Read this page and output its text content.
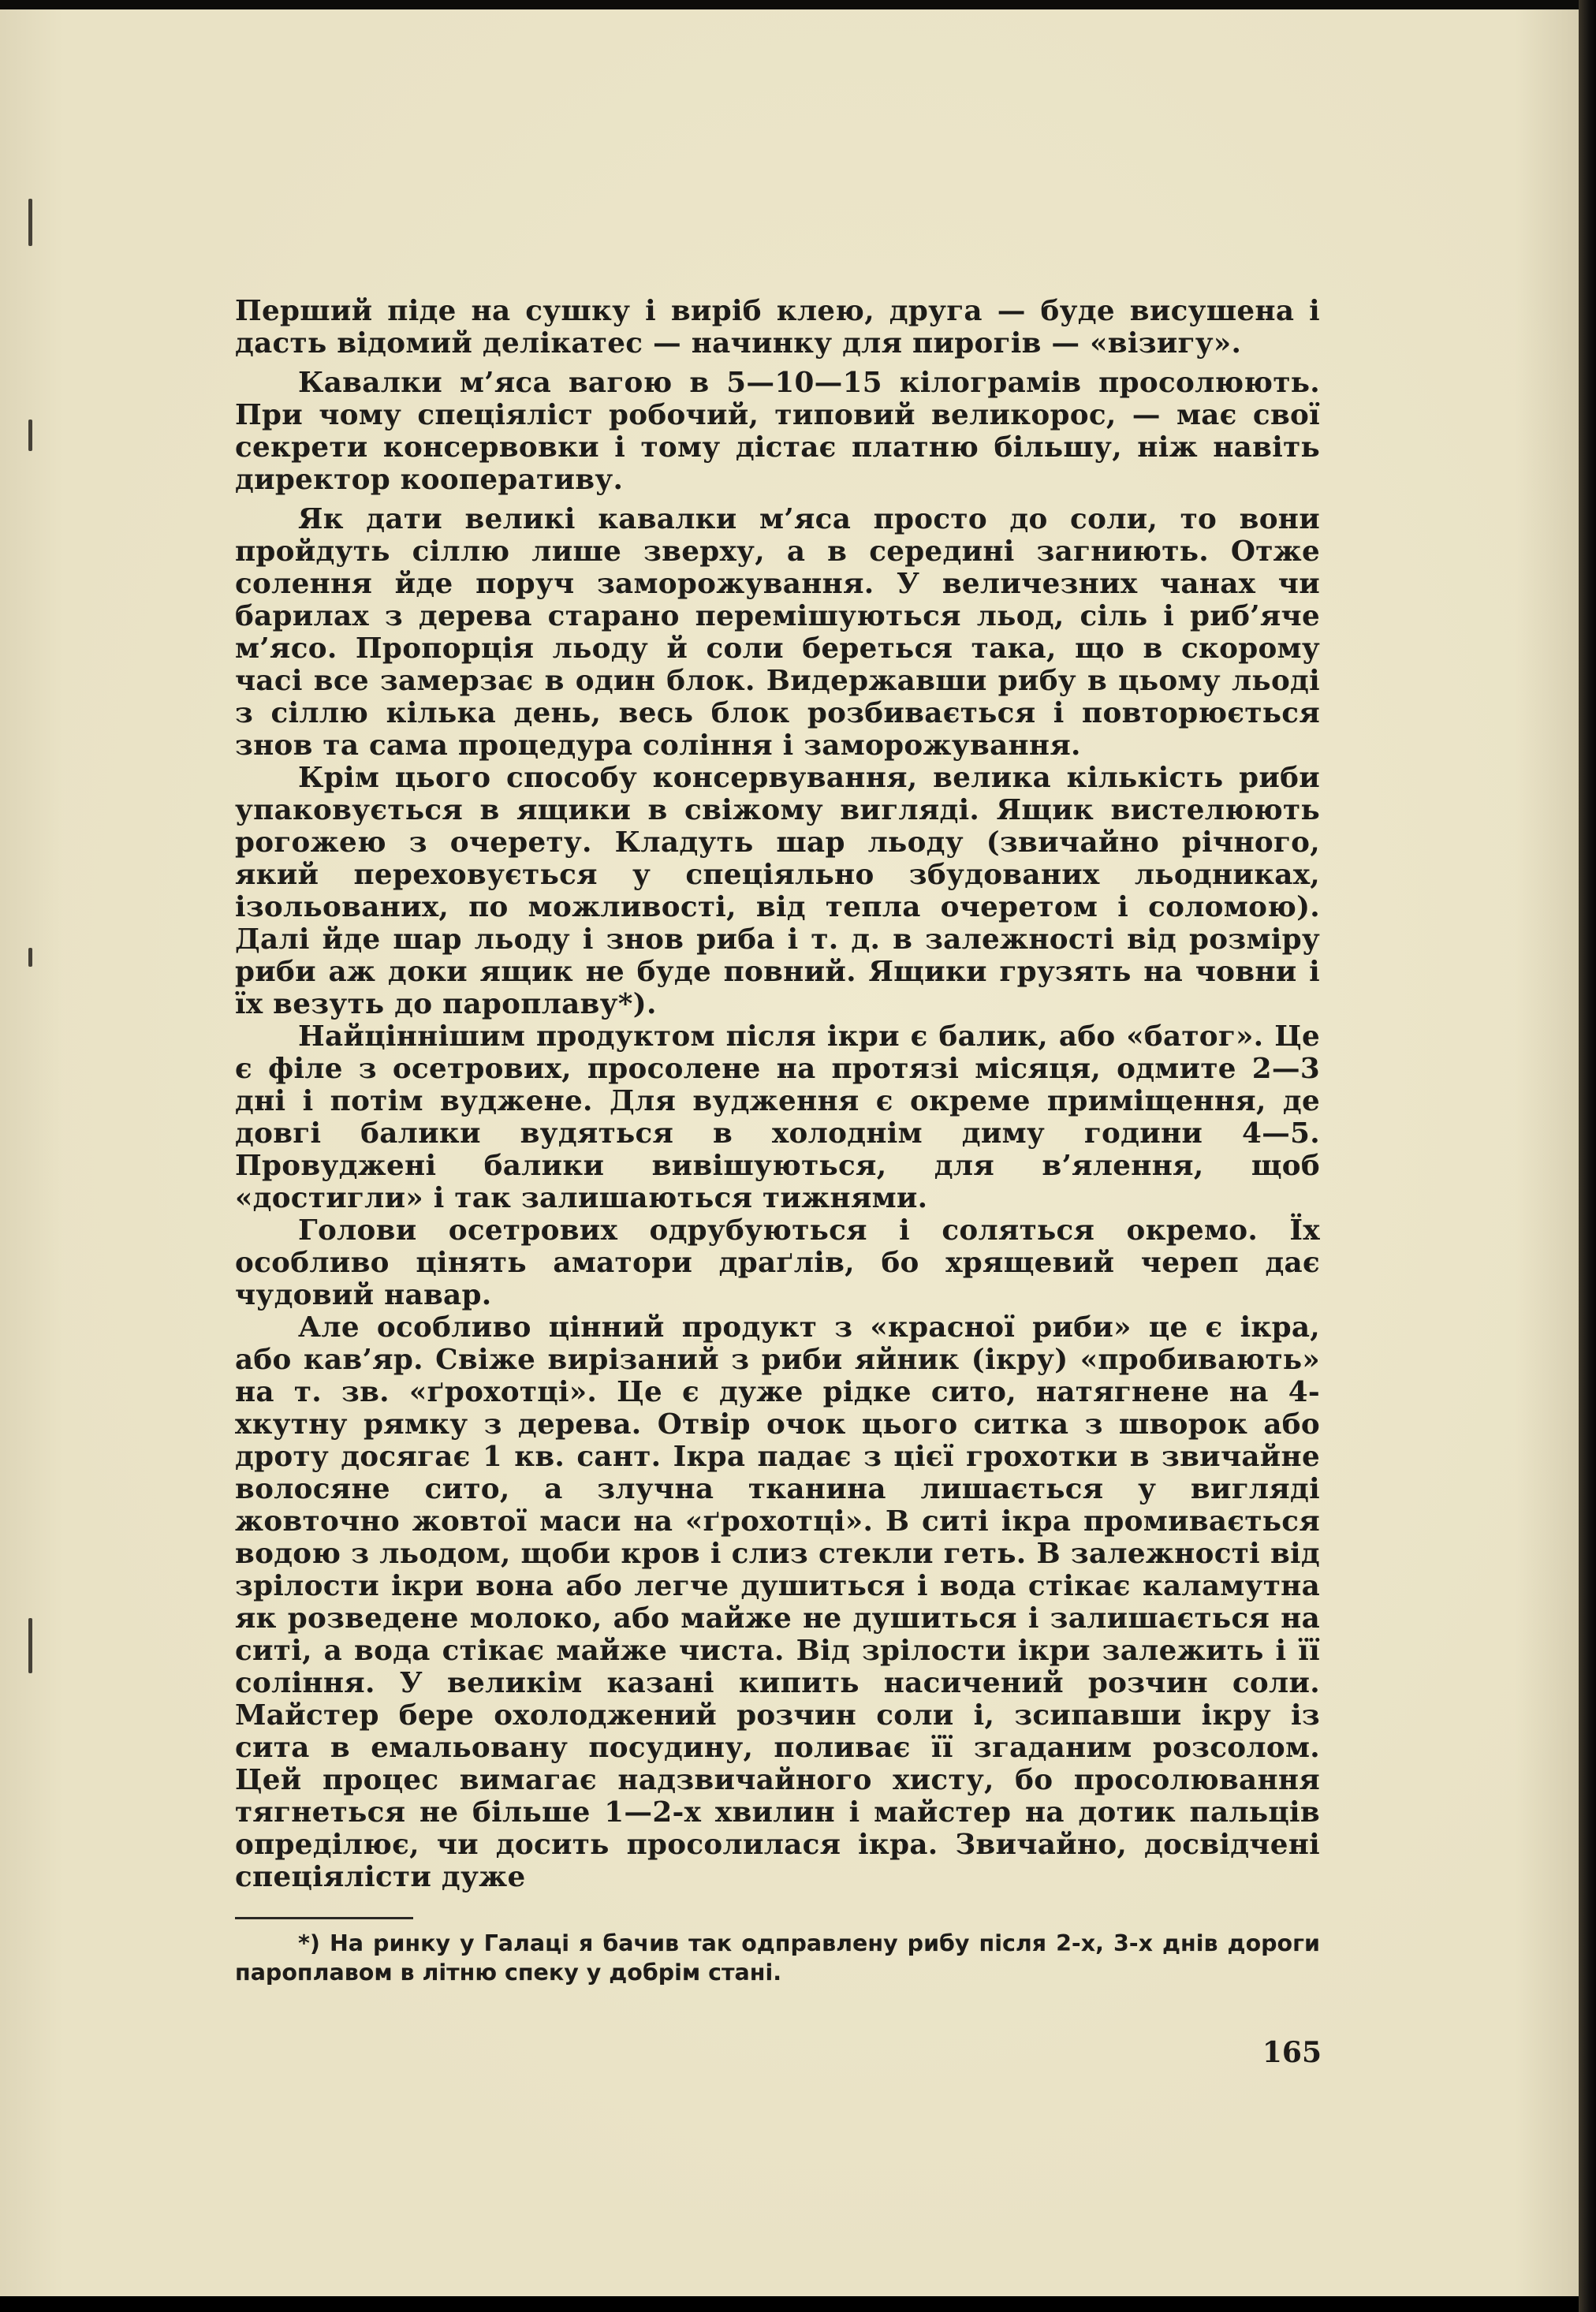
Перший піде на сушку і виріб клею, друга — буде висушена і дасть відомий делікатес — начинку для пирогів — «візигу».

Кавалки м’яса вагою в 5—10—15 кілограмів просолюють. При чому спеціяліст робочий, типовий великорос, — має свої секрети консервовки і тому дістає платню більшу, ніж навіть директор кооперативу.

Як дати великі кавалки м’яса просто до соли, то вони пройдуть сіллю лише зверху, а в середині загниють. Отже солення йде поруч заморожування. У величезних чанах чи барилах з дерева старано перемішуються льод, сіль і риб’яче м’ясо. Пропорція льоду й соли береться така, що в скорому часі все замерзає в один блок. Видержавши рибу в цьому льоді з сіллю кілька день, весь блок розбивається і повторюється знов та сама процедура соління і заморожування.

Крім цього способу консервування, велика кількість риби упаковується в ящики в свіжому вигляді. Ящик вистелюють рогожею з очерету. Кладуть шар льоду (звичайно річного, який переховується у спеціяльно збудованих льодниках, ізольованих, по можливості, від тепла очеретом і соломою). Далі йде шар льоду і знов риба і т. д. в залежності від розміру риби аж доки ящик не буде повний. Ящики грузять на човни і їх везуть до пароплаву*).

Найціннішим продуктом після ікри є балик, або «батог». Це є філе з осетрових, просолене на протязі місяця, одмите 2—3 дні і потім вуджене. Для вудження є окреме приміщення, де довгі балики вудяться в холоднім диму години 4—5. Провуджені балики вивішуються, для в’ялення, щоб «достигли» і так залишаються тижнями.

Голови осетрових одрубуються і соляться окремо. Їх особливо цінять аматори драґлів, бо хрящевий череп дає чудовий навар.

Але особливо цінний продукт з «красної риби» це є ікра, або кав’яр. Свіже вирізаний з риби яйник (ікру) «пробивають» на т. зв. «ґрохотці». Це є дуже рідке сито, натягнене на 4-хкутну рямку з дерева. Отвір очок цього ситка з шворок або дроту досягає 1 кв. сант. Ікра падає з цієї грохотки в звичайне волосяне сито, а злучна тканина лишається у вигляді жовточно жовтої маси на «ґрохотці». В ситі ікра промивається водою з льодом, щоби кров і слиз стекли геть. В залежності від зрілости ікри вона або легче душиться і вода стікає каламутна як розведене молоко, або майже не душиться і залишається на ситі, а вода стікає майже чиста. Від зрілости ікри залежить і її соління. У великім казані кипить насичений розчин соли. Майстер бере охолоджений розчин соли і, зсипавши ікру із сита в емальовану посудину, поливає її згаданим розсолом. Цей процес вимагає надзвичайного хисту, бо просолювання тягнеться не більше 1—2-х хвилин і майстер на дотик пальців опреділює, чи досить просолилася ікра. Звичайно, досвідчені спеціялісти дуже

*) На ринку у Галаці я бачив так одправлену рибу після 2-х, 3-х днів дороги пароплавом в літню спеку у добрім стані.
165
